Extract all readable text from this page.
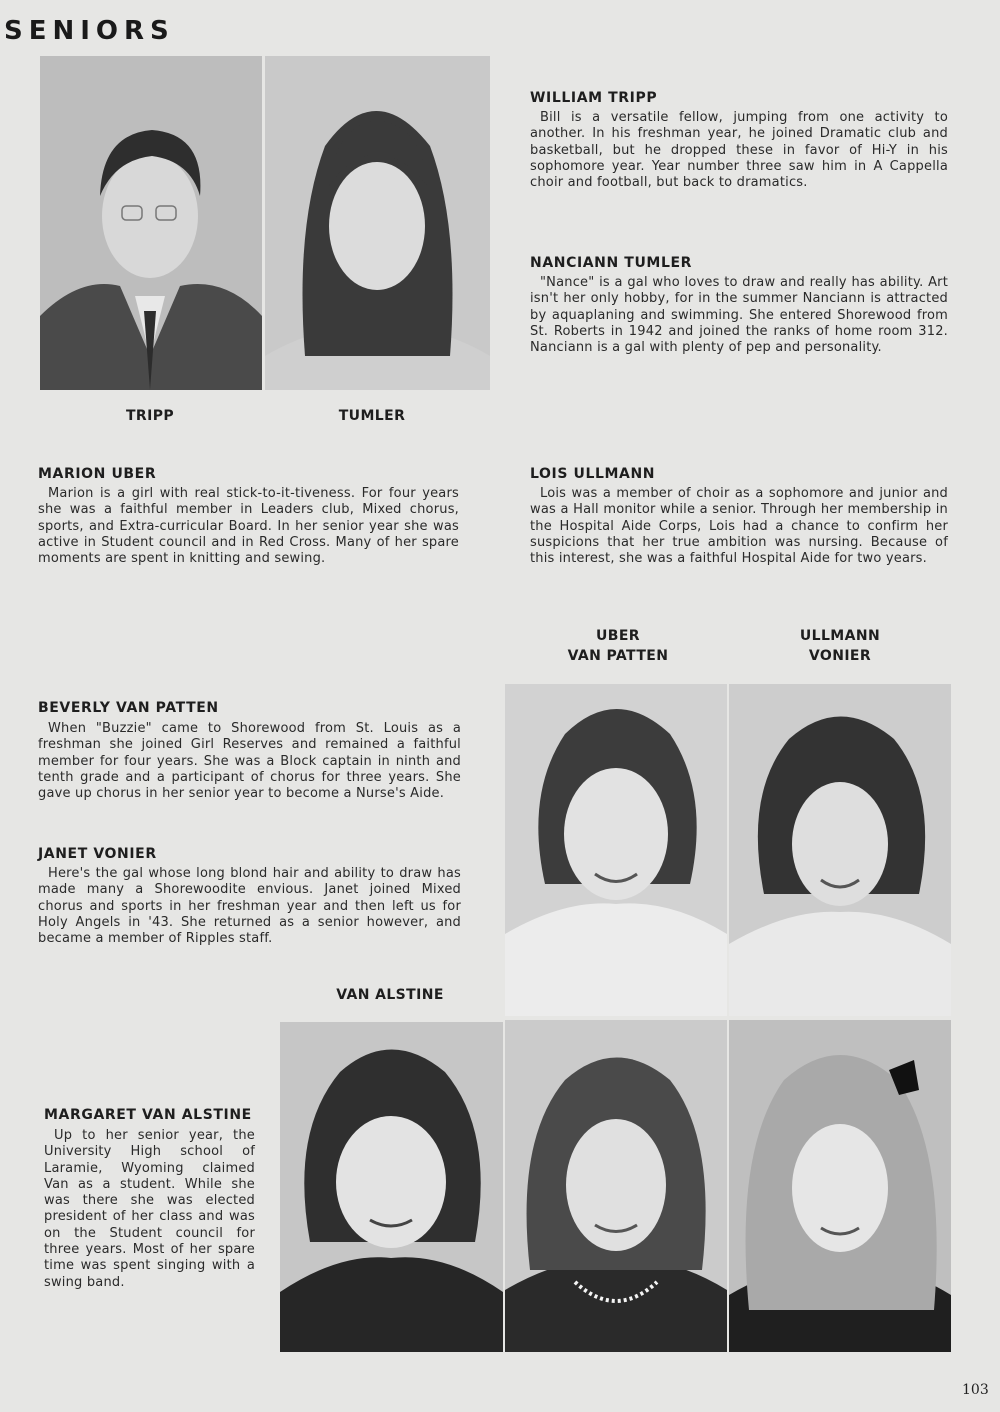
SENIORS
TRIPP	TUMLER
WILLIAM TRIPP
Bill is a versatile fellow, jumping from one activity to another. In his freshman year, he joined Dramatic club and basketball, but he dropped these in favor of Hi-Y in his sophomore year. Year number three saw him in A Cappella choir and football, but back to dramatics.
NANCIANN TUMLER
"Nance" is a gal who loves to draw and really has ability. Art isn't her only hobby, for in the summer Nanciann is attracted by aquaplaning and swimming. She entered Shorewood from St. Roberts in 1942 and joined the ranks of home room 312. Nanciann is a gal with plenty of pep and personality.
MARION UBER
Marion is a girl with real stick-to-it-tiveness. For four years she was a faithful member in Leaders club, Mixed chorus, sports, and Extra-curricular Board. In her senior year she was active in Student council and in Red Cross. Many of her spare moments are spent in knitting and sewing.
LOIS ULLMANN
Lois was a member of choir as a sophomore and junior and was a Hall monitor while a senior. Through her membership in the Hospital Aide Corps, Lois had a chance to confirm her suspicions that her true ambition was nursing. Because of this interest, she was a faithful Hospital Aide for two years.
UBER
VAN PATTEN
ULLMANN
VONIER
BEVERLY VAN PATTEN
When "Buzzie" came to Shorewood from St. Louis as a freshman she joined Girl Reserves and remained a faithful member for four years. She was a Block captain in ninth and tenth grade and a participant of chorus for three years. She gave up chorus in her senior year to become a Nurse's Aide.
JANET VONIER
Here's the gal whose long blond hair and ability to draw has made many a Shorewoodite envious. Janet joined Mixed chorus and sports in her freshman year and then left us for Holy Angels in '43. She returned as a senior however, and became a member of Ripples staff.
VAN ALSTINE
MARGARET VAN ALSTINE
Up to her senior year, the University High school of Laramie, Wyoming claimed Van as a student. While she was there she was elected president of her class and was on the Student council for three years. Most of her spare time was spent singing with a swing band.
103
